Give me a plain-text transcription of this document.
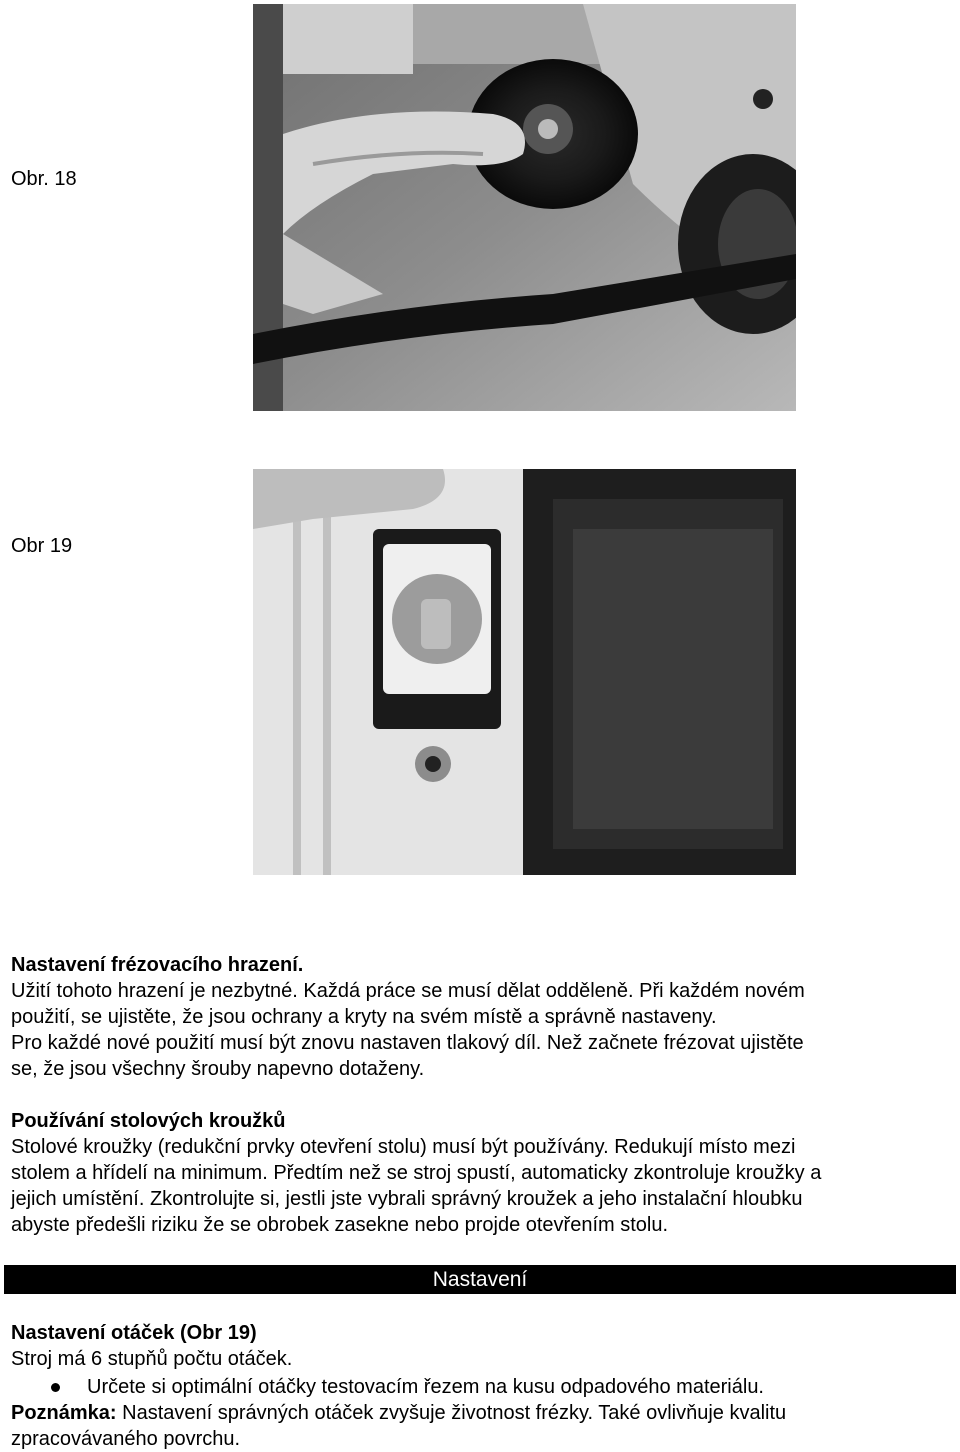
Obr. 18
Obr 19

Nastavení frézovacího hrazení.

Užití tohoto hrazení je nezbytné. Každá práce se musí dělat odděleně. Při každém novém

použití, se ujistěte, že jsou ochrany a kryty na svém místě a správně nastaveny.

Pro každé nové použití musí být znovu nastaven tlakový díl. Než začnete frézovat ujistěte

se, že jsou všechny šrouby napevno dotaženy.

Používání stolových kroužků

Stolové kroužky (redukční prvky otevření stolu) musí být používány. Redukují místo mezi

stolem a hřídelí na minimum. Předtím než se stroj spustí, automaticky zkontroluje kroužky a

jejich umístění. Zkontrolujte si, jestli jste vybrali správný kroužek a jeho instalační hloubku

abyste předešli riziku že se obrobek zasekne nebo projde otevřením stolu.

Nastavení

Nastavení otáček (Obr 19)

Stroj má 6 stupňů počtu otáček.

Určete si optimální otáčky testovacím řezem na kusu odpadového materiálu.

Poznámka: Nastavení správných otáček zvyšuje životnost frézky. Také ovlivňuje kvalitu

zpracovávaného povrchu.
